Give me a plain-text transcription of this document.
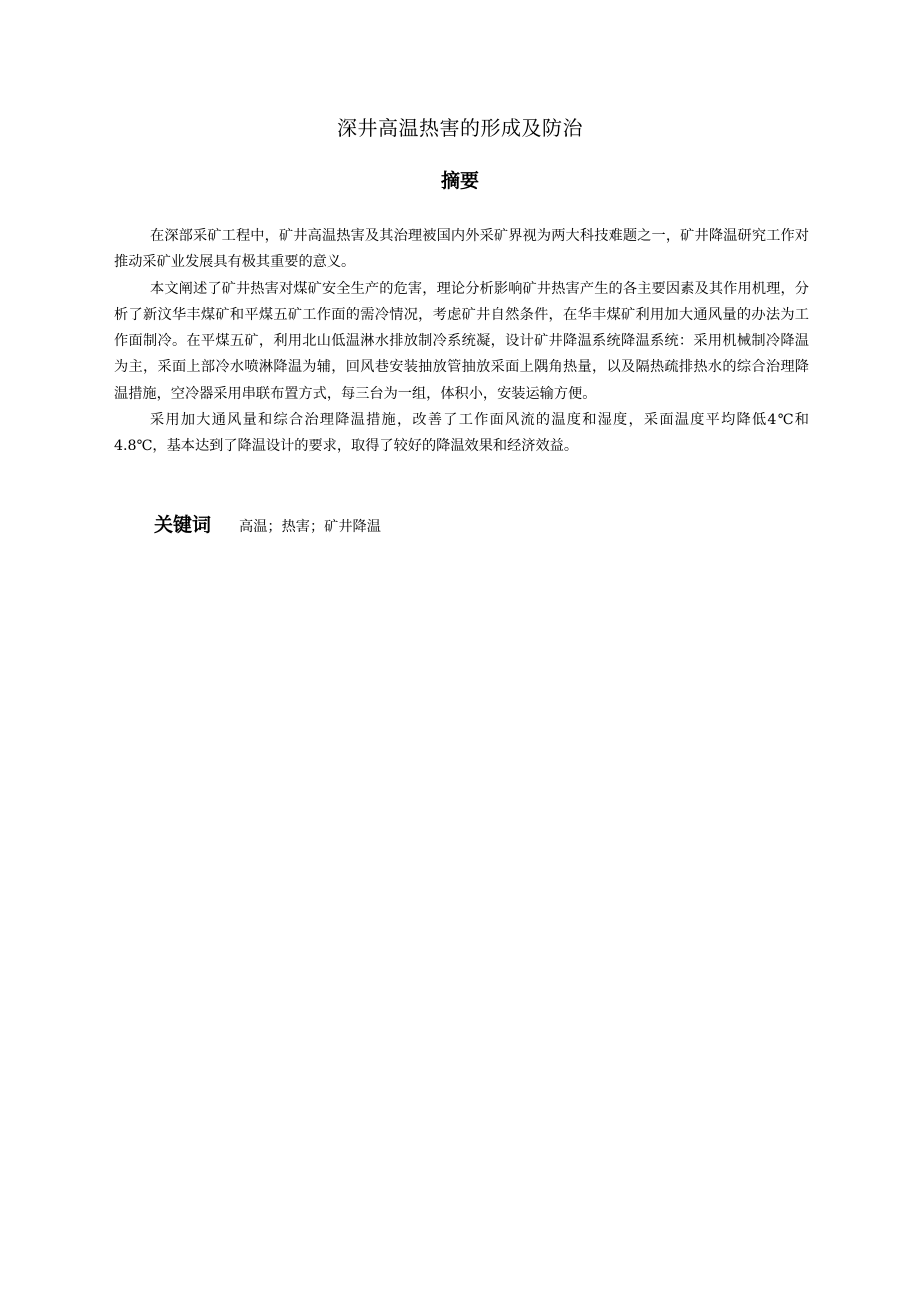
深井高温热害的形成及防治
摘要

在深部采矿工程中，矿井高温热害及其治理被国内外采矿界视为两大科技难题之一，矿井降温研究工作对推动采矿业发展具有极其重要的意义。

本文阐述了矿井热害对煤矿安全生产的危害，理论分析影响矿井热害产生的各主要因素及其作用机理，分析了新汶华丰煤矿和平煤五矿工作面的需冷情况，考虑矿井自然条件，在华丰煤矿利用加大通风量的办法为工作面制冷。在平煤五矿，利用北山低温淋水排放制冷系统凝，设计矿井降温系统降温系统：采用机械制冷降温为主，采面上部冷水喷淋降温为辅，回风巷安装抽放管抽放采面上隅角热量，以及隔热疏排热水的综合治理降温措施，空冷器采用串联布置方式，每三台为一组，体积小，安装运输方便。

采用加大通风量和综合治理降温措施，改善了工作面风流的温度和湿度，采面温度平均降低4℃和4.8℃，基本达到了降温设计的要求，取得了较好的降温效果和经济效益。

关键词 高温；热害；矿井降温
